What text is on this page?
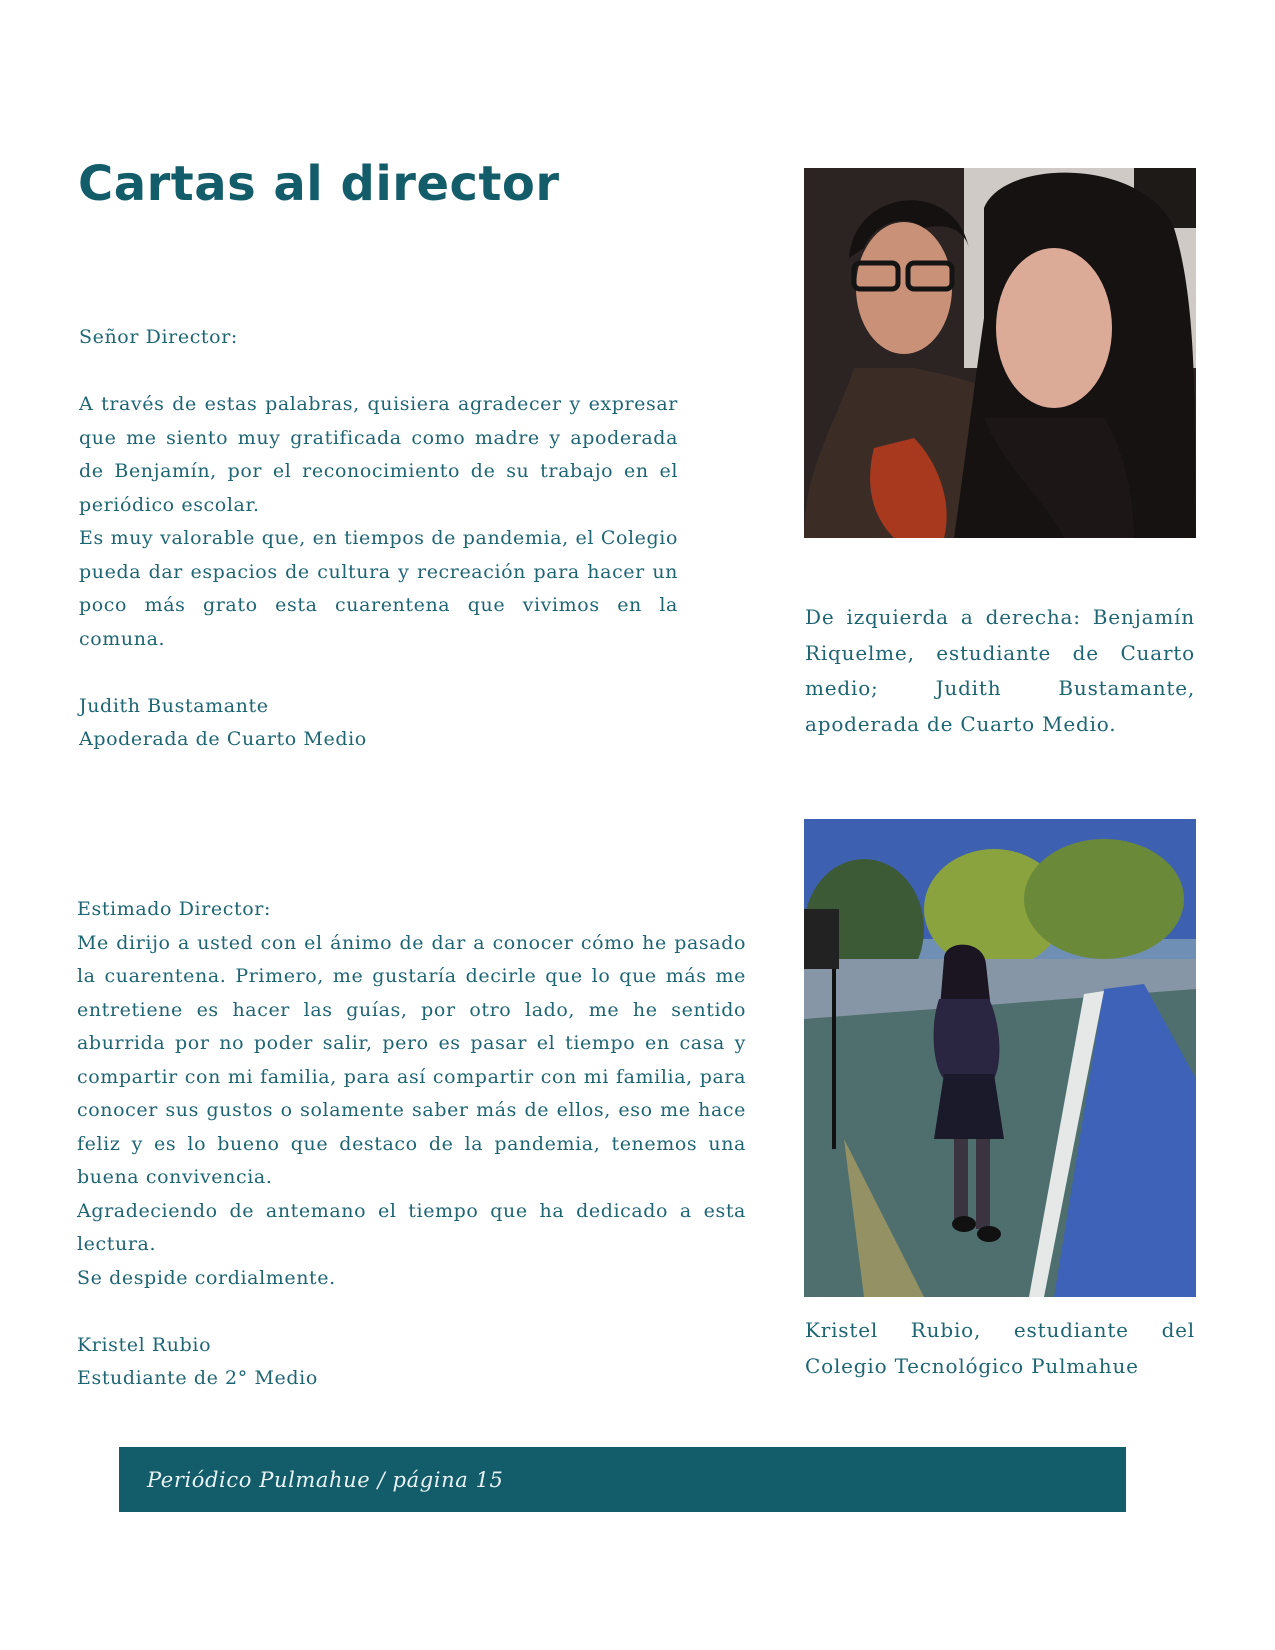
Cartas al director

Señor Director:

A través de estas palabras, quisiera agradecer y expresar que me siento muy gratificada como madre y apoderada de Benjamín, por el reconocimiento de su trabajo en el periódico escolar.

Es muy valorable que, en tiempos de pandemia, el Colegio pueda dar espacios de cultura y recreación para hacer un poco más grato esta cuarentena que vivimos en la comuna.

Judith Bustamante

Apoderada de Cuarto Medio

De izquierda a derecha: Benjamín Riquelme, estudiante de Cuarto medio; Judith Bustamante, apoderada de Cuarto Medio.

Estimado Director:

Me dirijo a usted con el ánimo de dar a conocer cómo he pasado la cuarentena. Primero, me gustaría decirle que lo que más me entretiene es hacer las guías, por otro lado, me he sentido aburrida por no poder salir, pero es pasar el tiempo en casa y compartir con mi familia, para así compartir con mi familia, para conocer sus gustos o solamente saber más de ellos, eso me hace feliz y es lo bueno que destaco de la pandemia, tenemos una buena convivencia.

Agradeciendo de antemano el tiempo que ha dedicado a esta lectura.

Se despide cordialmente.

Kristel Rubio

Estudiante de 2° Medio

Kristel Rubio, estudiante del Colegio Tecnológico Pulmahue
Periódico Pulmahue / página 15
